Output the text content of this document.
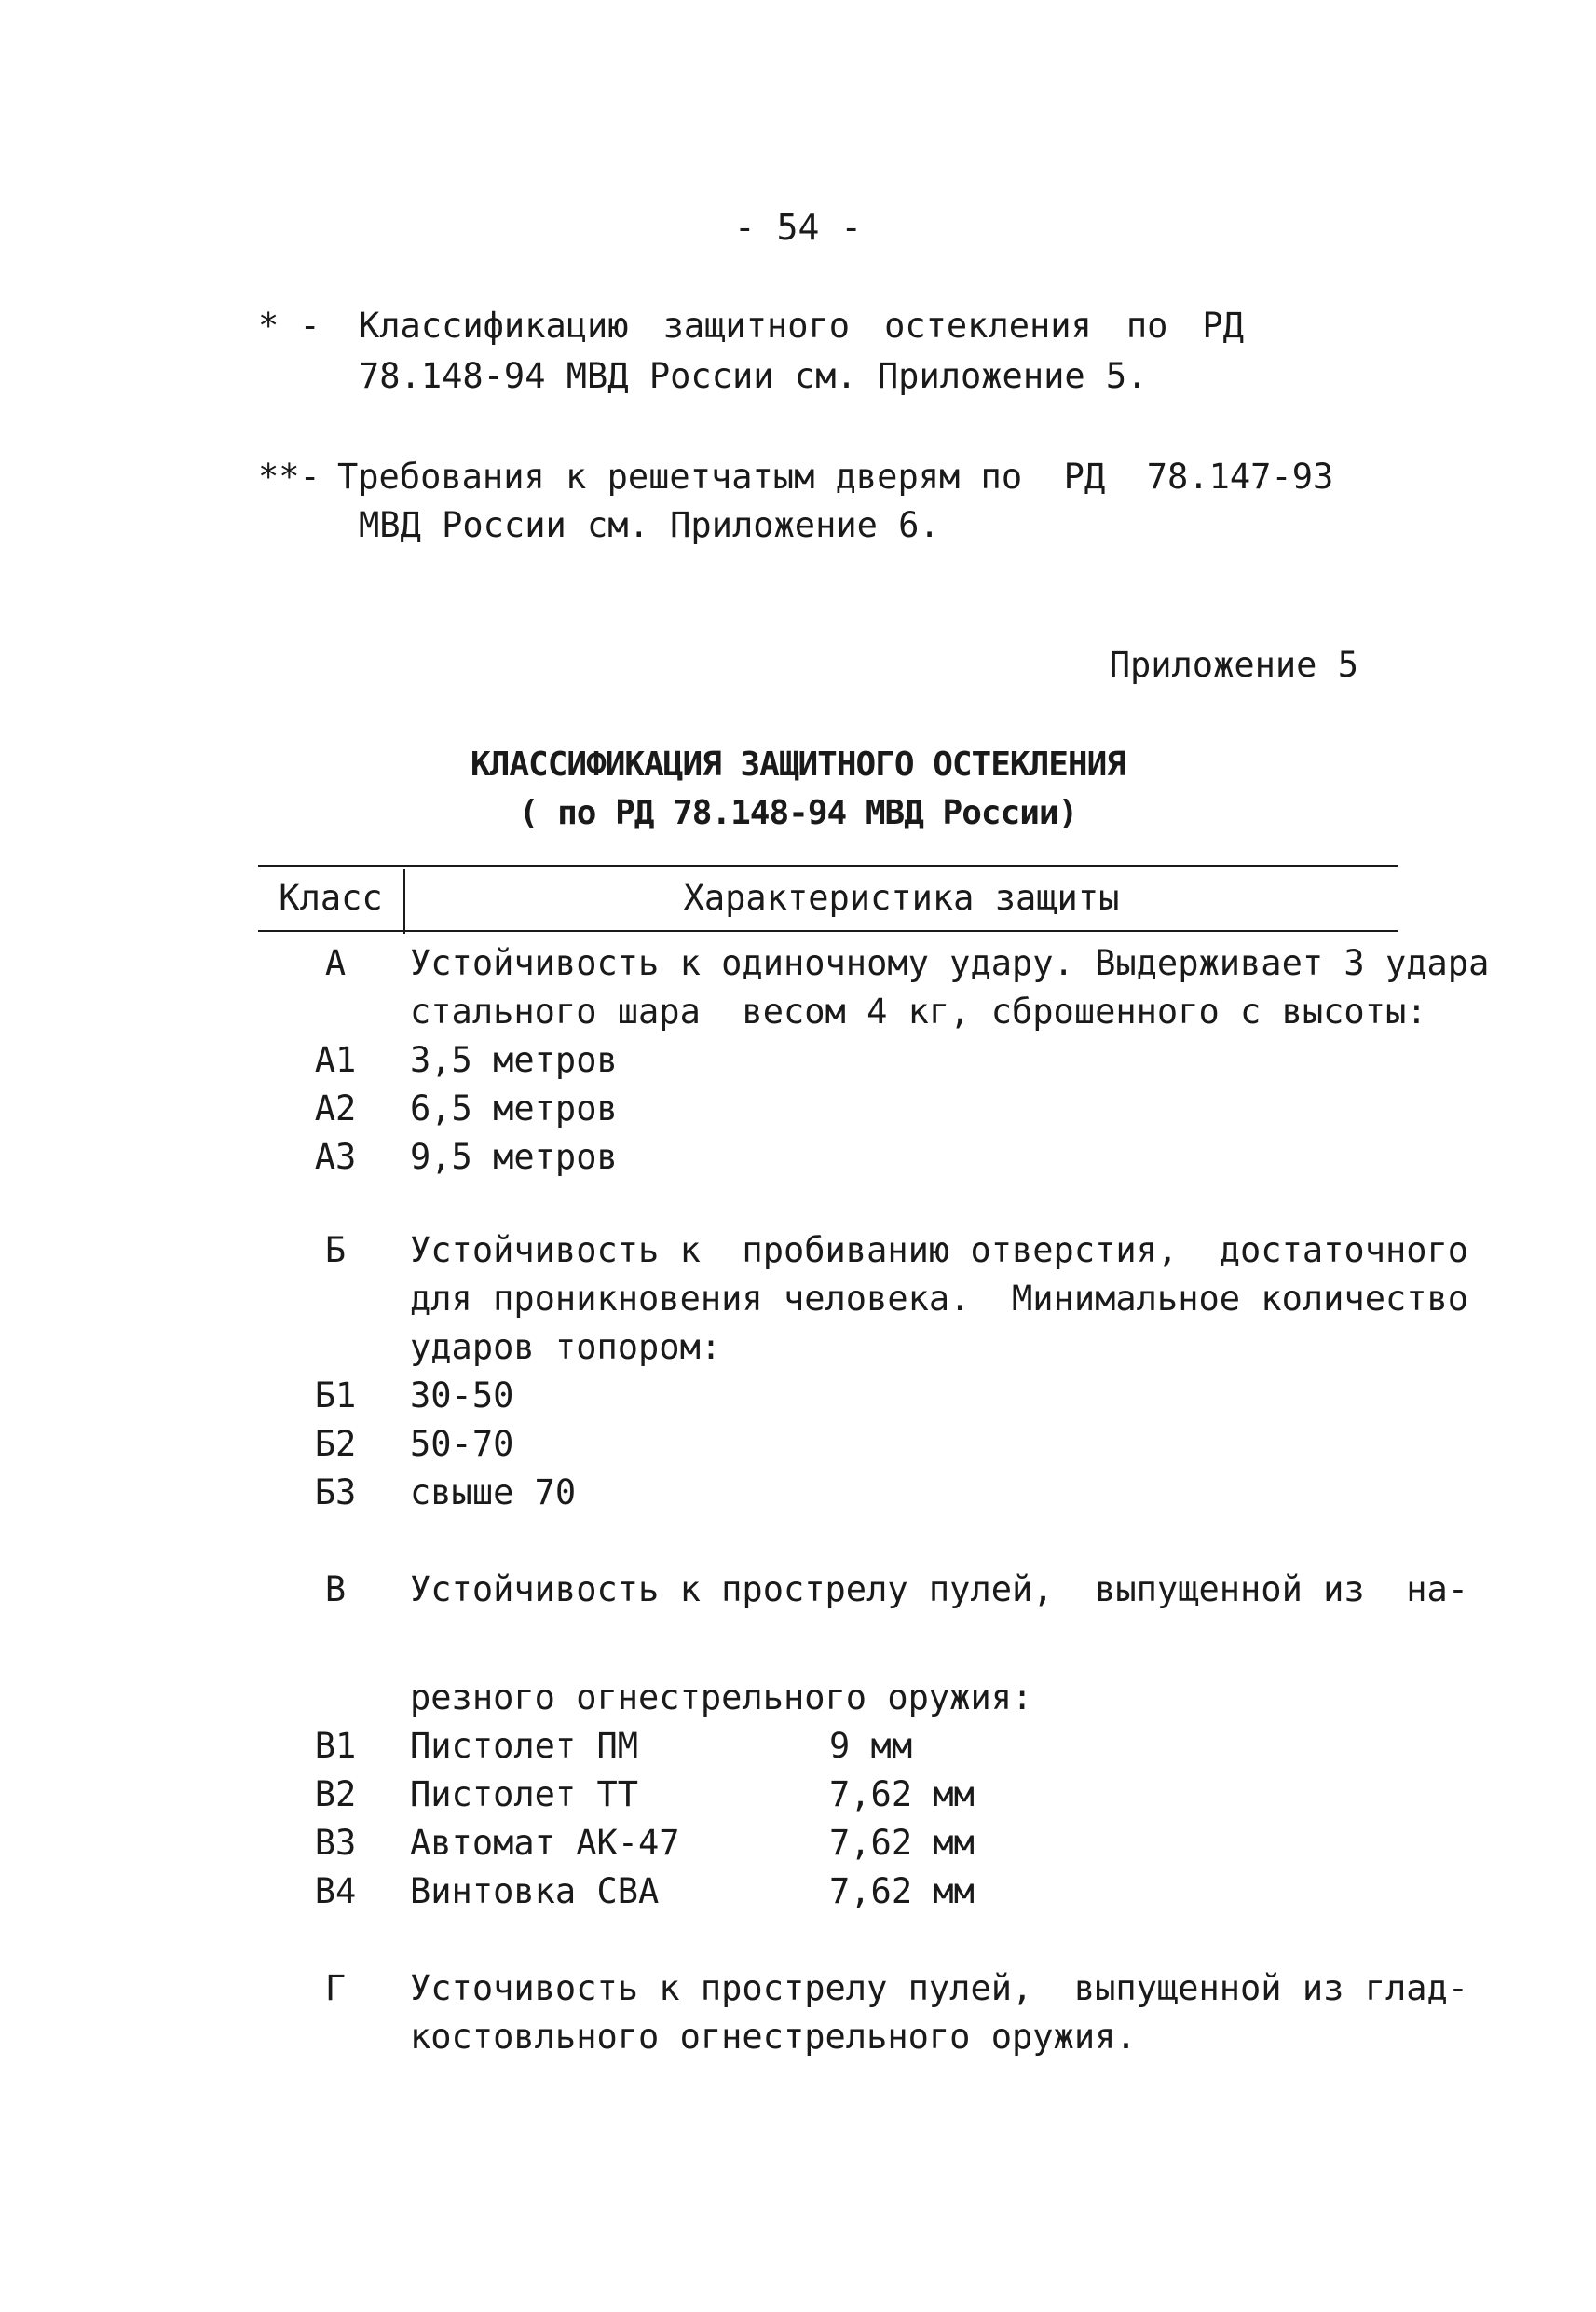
- 54 -
* - Классификацию защитного остекления по РД
78.148-94 МВД России см. Приложение 5.
**- Требования к решетчатым дверям по  РД  78.147-93
МВД России см. Приложение 6.
Приложение 5
КЛАССИФИКАЦИЯ ЗАЩИТНОГО ОСТЕКЛЕНИЯ
( по РД 78.148-94 МВД России)
Класс	Характеристика защиты
А	Устойчивость к одиночному удару. Выдерживает 3 удара
стального шара  весом 4 кг, сброшенного с высоты:
А1 3,5 метров
А2 6,5 метров
А3 9,5 метров
Б	Устойчивость к  пробиванию отверстия,  достаточного
для проникновения человека.  Минимальное количество
ударов топором:
Б1 30-50
Б2 50-70
Б3 свыше 70
В	Устойчивость к прострелу пулей,  выпущенной из  на-
резного огнестрельного оружия:
В1 Пистолет ПМ	9 мм
В2 Пистолет ТТ	7,62 мм
В3 Автомат АК-47	7,62 мм
В4 Винтовка СВА	7,62 мм
Г	Усточивость к прострелу пулей,  выпущенной из глад-
костовльного огнестрельного оружия.
